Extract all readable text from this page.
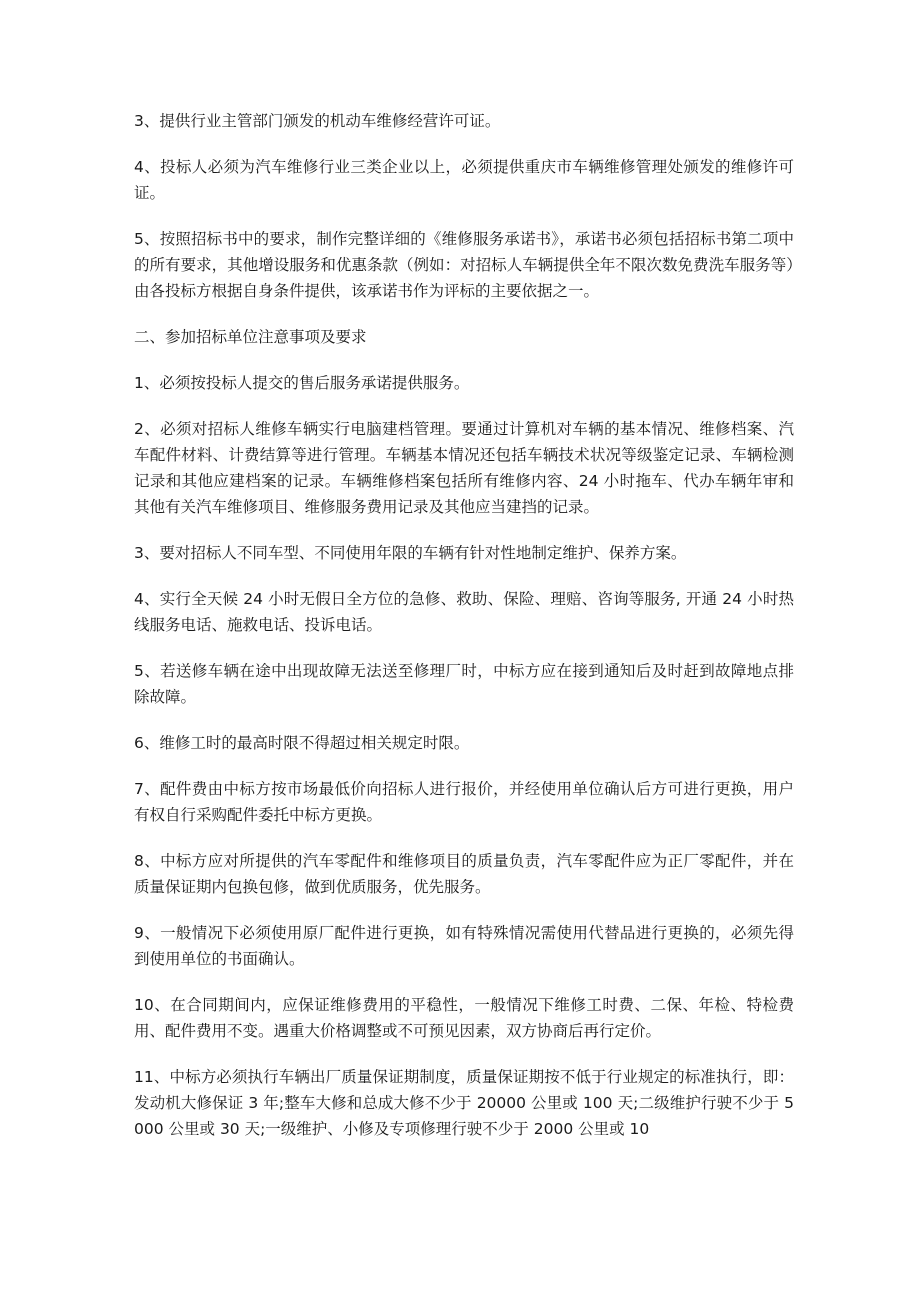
3、提供行业主管部门颁发的机动车维修经营许可证。

4、投标人必须为汽车维修行业三类企业以上，必须提供重庆市车辆维修管理处颁发的维修许可证。

5、按照招标书中的要求，制作完整详细的《维修服务承诺书》，承诺书必须包括招标书第二项中的所有要求，其他增设服务和优惠条款（例如：对招标人车辆提供全年不限次数免费洗车服务等）由各投标方根据自身条件提供，该承诺书作为评标的主要依据之一。

二、参加招标单位注意事项及要求

1、必须按投标人提交的售后服务承诺提供服务。

2、必须对招标人维修车辆实行电脑建档管理。要通过计算机对车辆的基本情况、维修档案、汽车配件材料、计费结算等进行管理。车辆基本情况还包括车辆技术状况等级鉴定记录、车辆检测记录和其他应建档案的记录。车辆维修档案包括所有维修内容、24 小时拖车、代办车辆年审和其他有关汽车维修项目、维修服务费用记录及其他应当建挡的记录。

3、要对招标人不同车型、不同使用年限的车辆有针对性地制定维护、保养方案。

4、实行全天候 24 小时无假日全方位的急修、救助、保险、理赔、咨询等服务, 开通 24 小时热线服务电话、施救电话、投诉电话。

5、若送修车辆在途中出现故障无法送至修理厂时，中标方应在接到通知后及时赶到故障地点排除故障。

6、维修工时的最高时限不得超过相关规定时限。

7、配件费由中标方按市场最低价向招标人进行报价，并经使用单位确认后方可进行更换，用户有权自行采购配件委托中标方更换。

8、中标方应对所提供的汽车零配件和维修项目的质量负责，汽车零配件应为正厂零配件，并在质量保证期内包换包修，做到优质服务，优先服务。

9、一般情况下必须使用原厂配件进行更换，如有特殊情况需使用代替品进行更换的，必须先得到使用单位的书面确认。

10、在合同期间内，应保证维修费用的平稳性，一般情况下维修工时费、二保、年检、特检费用、配件费用不变。遇重大价格调整或不可预见因素，双方协商后再行定价。

11、中标方必须执行车辆出厂质量保证期制度，质量保证期按不低于行业规定的标准执行，即：发动机大修保证 3 年;整车大修和总成大修不少于 20000 公里或 100 天;二级维护行驶不少于 5000 公里或 30 天;一级维护、小修及专项修理行驶不少于 2000 公里或 10
